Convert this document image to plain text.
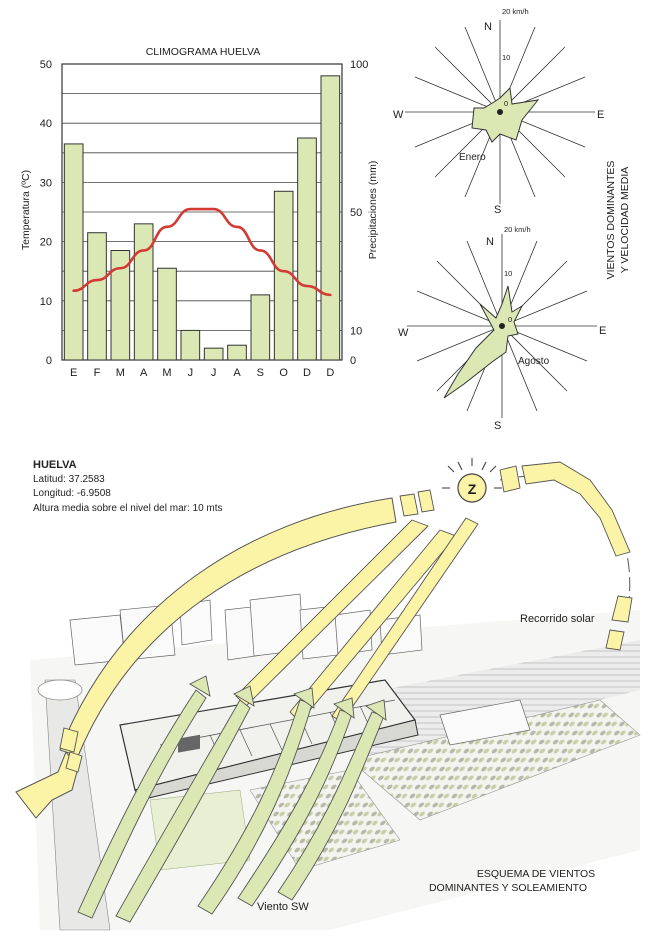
CLIMOGRAMA HUELVA
0
10
20
30
40
50
0
10
50
100
E F M A M J J A S O D D
Temperatura (ºC)	Precipitaciones (mm)
20 km/h
10
0
N
S
E
W
Enero
20 km/h
10
0
N
S
E
W
Agosto
VIENTOS DOMINANTES Y VELOCIDAD MEDIA
Z
Recorrido solar
Viento SW
ESQUEMA DE VIENTOS
DOMINANTES Y SOLEAMIENTO
HUELVA
Latitud: 37.2583
Longitud: -6.9508
Altura media sobre el nivel del mar: 10 mts
